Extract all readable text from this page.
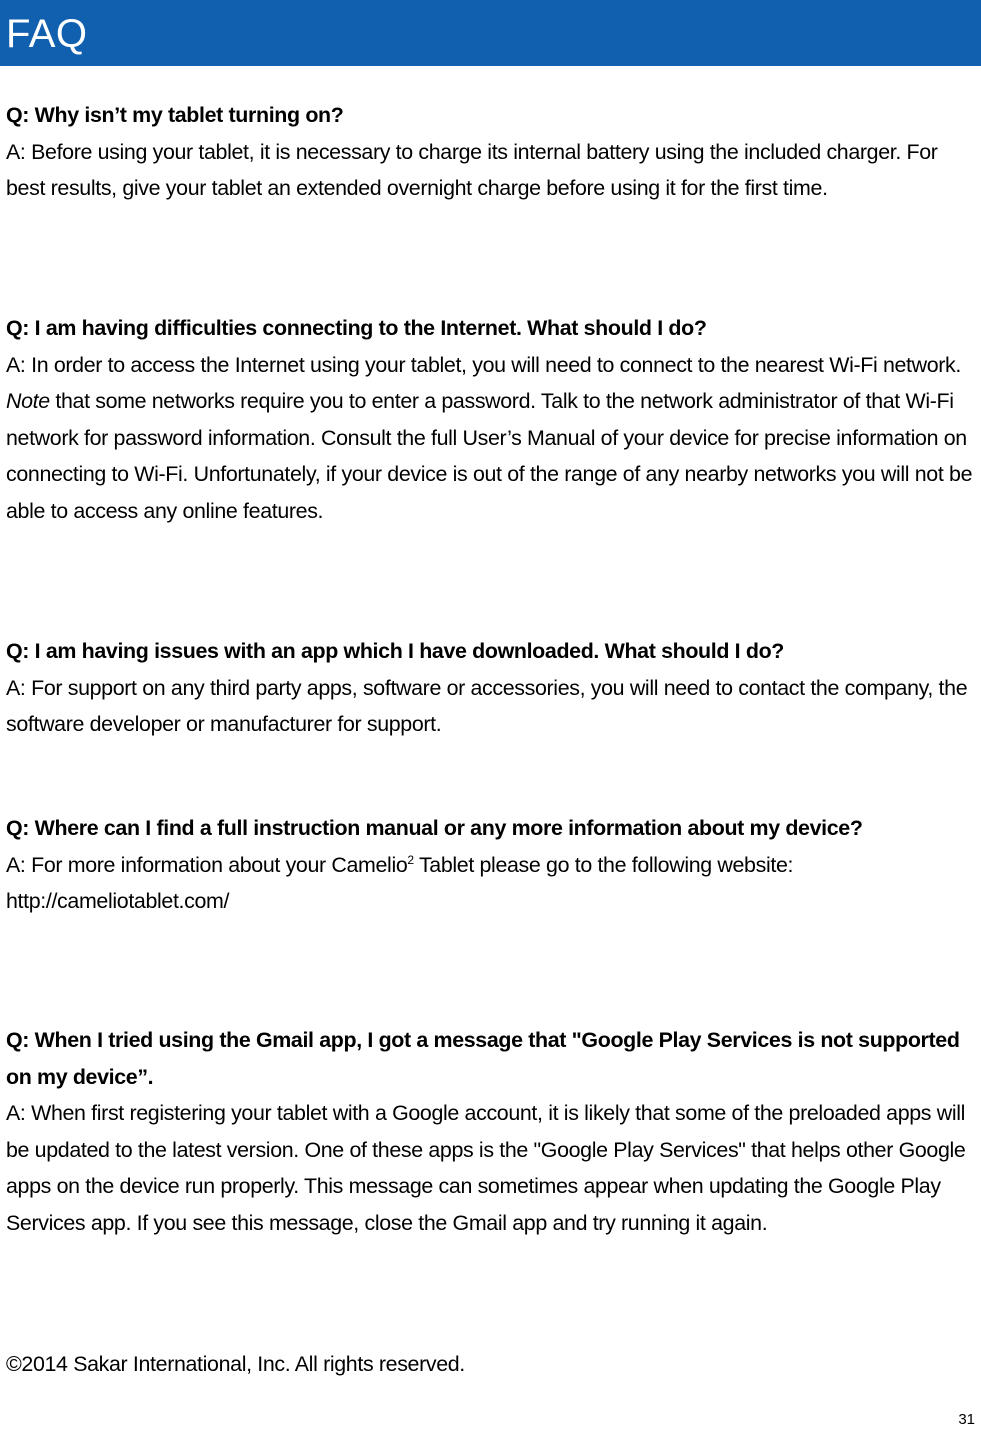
FAQ
Q: Why isn’t my tablet turning on?

A: Before using your tablet, it is necessary to charge its internal battery using the included charger. For best results, give your tablet an extended overnight charge before using it for the first time.

Q: I am having difficulties connecting to the Internet. What should I do?

A: In order to access the Internet using your tablet, you will need to connect to the nearest Wi-Fi network. Note that some networks require you to enter a password. Talk to the network administrator of that Wi-Fi network for password information. Consult the full User’s Manual of your device for precise information on connecting to Wi-Fi. Unfortunately, if your device is out of the range of any nearby networks you will not be able to access any online features.

Q: I am having issues with an app which I have downloaded. What should I do?

A: For support on any third party apps, software or accessories, you will need to contact the company, the software developer or manufacturer for support.

Q: Where can I find a full instruction manual or any more information about my device?

A: For more information about your Camelio$^2$ Tablet please go to the following website:http://cameliotablet.com/

Q: When I tried using the Gmail app, I got a message that "Google Play Services is not supported on my device”.

A: When first registering your tablet with a Google account, it is likely that some of the preloaded apps will be updated to the latest version. One of these apps is the "Google Play Services" that helps other Google apps on the device run properly. This message can sometimes appear when updating the Google Play Services app. If you see this message, close the Gmail app and try running it again.

©2014 Sakar International, Inc. All rights reserved.
31
